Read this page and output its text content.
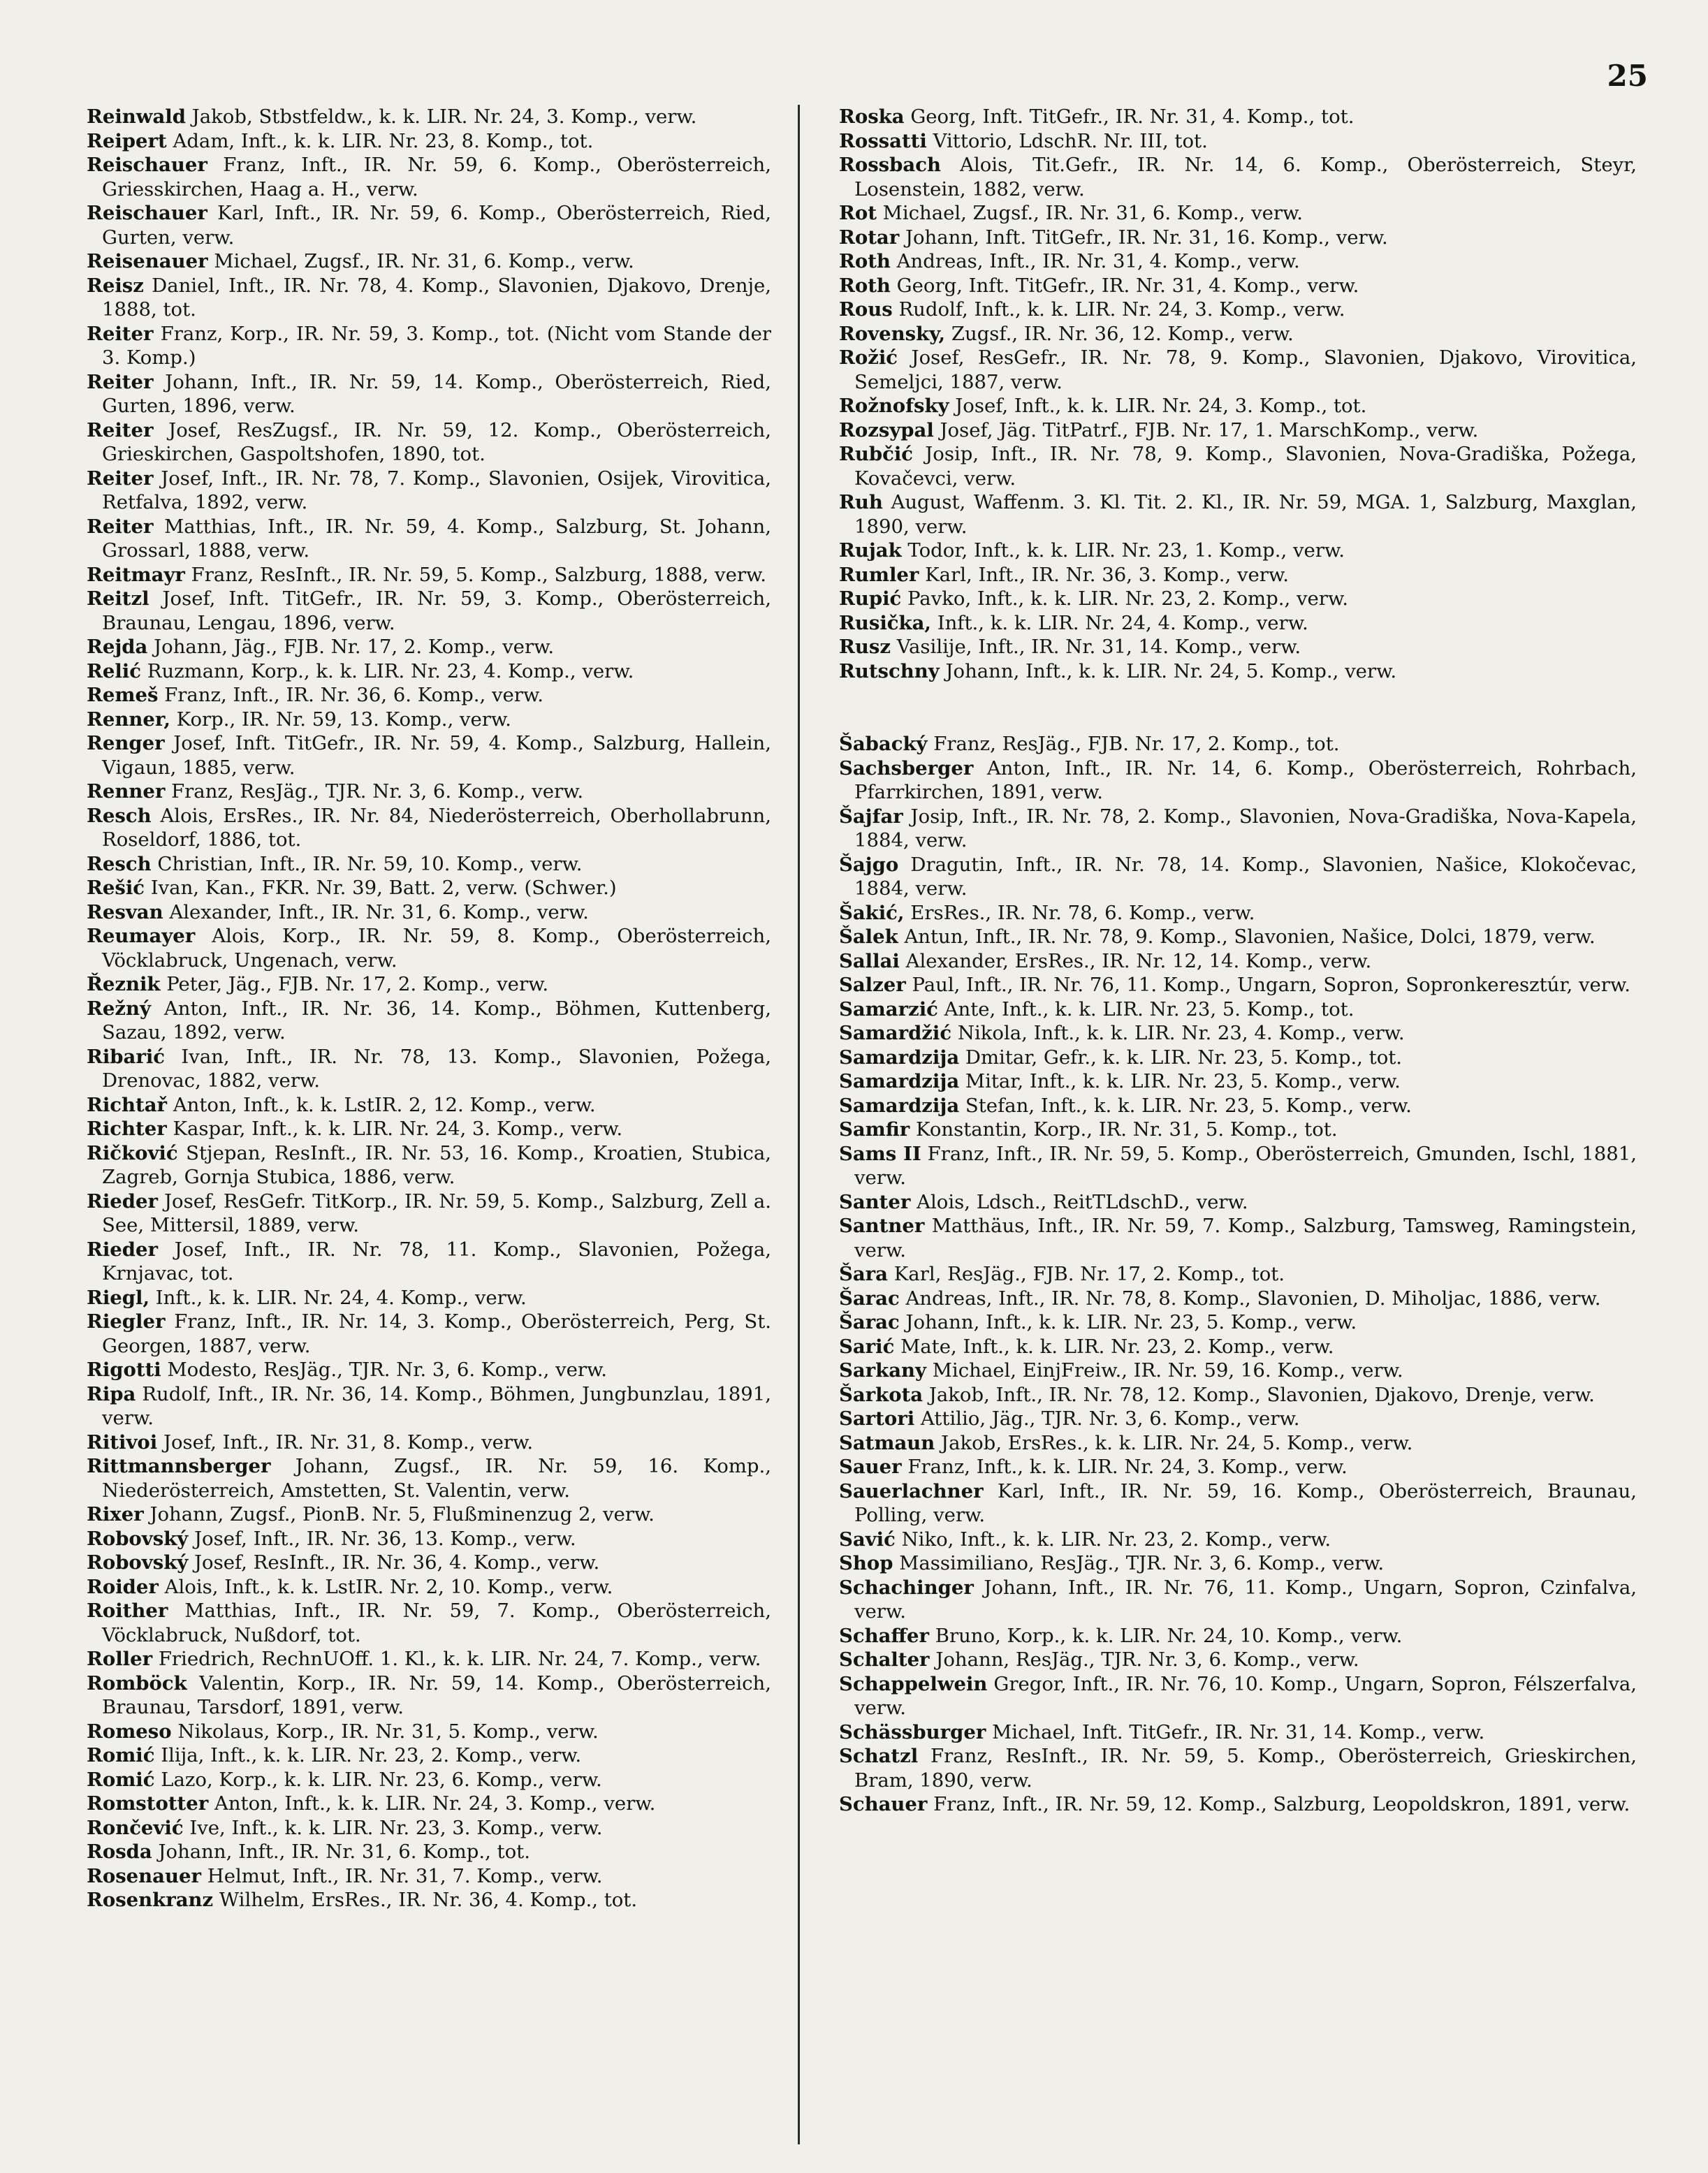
25

Reinwald Jakob, Stbstfeldw., k. k. LIR. Nr. 24, 3. Komp., verw.

Reipert Adam, Inft., k. k. LIR. Nr. 23, 8. Komp., tot.

Reischauer Franz, Inft., IR. Nr. 59, 6. Komp., Oberösterreich, Griesskirchen, Haag a. H., verw.

Reischauer Karl, Inft., IR. Nr. 59, 6. Komp., Oberösterreich, Ried, Gurten, verw.

Reisenauer Michael, Zugsf., IR. Nr. 31, 6. Komp., verw.

Reisz Daniel, Inft., IR. Nr. 78, 4. Komp., Slavonien, Djakovo, Drenje, 1888, tot.

Reiter Franz, Korp., IR. Nr. 59, 3. Komp., tot. (Nicht vom Stande der 3. Komp.)

Reiter Johann, Inft., IR. Nr. 59, 14. Komp., Oberösterreich, Ried, Gurten, 1896, verw.

Reiter Josef, ResZugsf., IR. Nr. 59, 12. Komp., Oberösterreich, Grieskirchen, Gaspoltshofen, 1890, tot.

Reiter Josef, Inft., IR. Nr. 78, 7. Komp., Slavonien, Osijek, Virovitica, Retfalva, 1892, verw.

Reiter Matthias, Inft., IR. Nr. 59, 4. Komp., Salzburg, St. Johann, Grossarl, 1888, verw.

Reitmayr Franz, ResInft., IR. Nr. 59, 5. Komp., Salzburg, 1888, verw.

Reitzl Josef, Inft. TitGefr., IR. Nr. 59, 3. Komp., Oberösterreich, Braunau, Lengau, 1896, verw.

Rejda Johann, Jäg., FJB. Nr. 17, 2. Komp., verw.

Relić Ruzmann, Korp., k. k. LIR. Nr. 23, 4. Komp., verw.

Remeš Franz, Inft., IR. Nr. 36, 6. Komp., verw.

Renner, Korp., IR. Nr. 59, 13. Komp., verw.

Renger Josef, Inft. TitGefr., IR. Nr. 59, 4. Komp., Salzburg, Hallein, Vigaun, 1885, verw.

Renner Franz, ResJäg., TJR. Nr. 3, 6. Komp., verw.

Resch Alois, ErsRes., IR. Nr. 84, Niederösterreich, Oberhollabrunn, Roseldorf, 1886, tot.

Resch Christian, Inft., IR. Nr. 59, 10. Komp., verw.

Rešić Ivan, Kan., FKR. Nr. 39, Batt. 2, verw. (Schwer.)

Resvan Alexander, Inft., IR. Nr. 31, 6. Komp., verw.

Reumayer Alois, Korp., IR. Nr. 59, 8. Komp., Oberösterreich, Vöcklabruck, Ungenach, verw.

Řeznik Peter, Jäg., FJB. Nr. 17, 2. Komp., verw.

Režný Anton, Inft., IR. Nr. 36, 14. Komp., Böhmen, Kuttenberg, Sazau, 1892, verw.

Ribarić Ivan, Inft., IR. Nr. 78, 13. Komp., Slavonien, Požega, Drenovac, 1882, verw.

Richtař Anton, Inft., k. k. LstIR. 2, 12. Komp., verw.

Richter Kaspar, Inft., k. k. LIR. Nr. 24, 3. Komp., verw.

Ričković Stjepan, ResInft., IR. Nr. 53, 16. Komp., Kroatien, Stubica, Zagreb, Gornja Stubica, 1886, verw.

Rieder Josef, ResGefr. TitKorp., IR. Nr. 59, 5. Komp., Salzburg, Zell a. See, Mittersil, 1889, verw.

Rieder Josef, Inft., IR. Nr. 78, 11. Komp., Slavonien, Požega, Krnjavac, tot.

Riegl, Inft., k. k. LIR. Nr. 24, 4. Komp., verw.

Riegler Franz, Inft., IR. Nr. 14, 3. Komp., Oberösterreich, Perg, St. Georgen, 1887, verw.

Rigotti Modesto, ResJäg., TJR. Nr. 3, 6. Komp., verw.

Ripa Rudolf, Inft., IR. Nr. 36, 14. Komp., Böhmen, Jungbunzlau, 1891, verw.

Ritivoi Josef, Inft., IR. Nr. 31, 8. Komp., verw.

Rittmannsberger Johann, Zugsf., IR. Nr. 59, 16. Komp., Niederösterreich, Amstetten, St. Valentin, verw.

Rixer Johann, Zugsf., PionB. Nr. 5, Flußminenzug 2, verw.

Robovský Josef, Inft., IR. Nr. 36, 13. Komp., verw.

Robovský Josef, ResInft., IR. Nr. 36, 4. Komp., verw.

Roider Alois, Inft., k. k. LstIR. Nr. 2, 10. Komp., verw.

Roither Matthias, Inft., IR. Nr. 59, 7. Komp., Oberösterreich, Vöcklabruck, Nußdorf, tot.

Roller Friedrich, RechnUOff. 1. Kl., k. k. LIR. Nr. 24, 7. Komp., verw.

Romböck Valentin, Korp., IR. Nr. 59, 14. Komp., Oberösterreich, Braunau, Tarsdorf, 1891, verw.

Romeso Nikolaus, Korp., IR. Nr. 31, 5. Komp., verw.

Romić Ilija, Inft., k. k. LIR. Nr. 23, 2. Komp., verw.

Romić Lazo, Korp., k. k. LIR. Nr. 23, 6. Komp., verw.

Romstotter Anton, Inft., k. k. LIR. Nr. 24, 3. Komp., verw.

Rončević Ive, Inft., k. k. LIR. Nr. 23, 3. Komp., verw.

Rosda Johann, Inft., IR. Nr. 31, 6. Komp., tot.

Rosenauer Helmut, Inft., IR. Nr. 31, 7. Komp., verw.

Rosenkranz Wilhelm, ErsRes., IR. Nr. 36, 4. Komp., tot.

Roska Georg, Inft. TitGefr., IR. Nr. 31, 4. Komp., tot.

Rossatti Vittorio, LdschR. Nr. III, tot.

Rossbach Alois, Tit.Gefr., IR. Nr. 14, 6. Komp., Oberösterreich, Steyr, Losenstein, 1882, verw.

Rot Michael, Zugsf., IR. Nr. 31, 6. Komp., verw.

Rotar Johann, Inft. TitGefr., IR. Nr. 31, 16. Komp., verw.

Roth Andreas, Inft., IR. Nr. 31, 4. Komp., verw.

Roth Georg, Inft. TitGefr., IR. Nr. 31, 4. Komp., verw.

Rous Rudolf, Inft., k. k. LIR. Nr. 24, 3. Komp., verw.

Rovensky, Zugsf., IR. Nr. 36, 12. Komp., verw.

Rožić Josef, ResGefr., IR. Nr. 78, 9. Komp., Slavonien, Djakovo, Virovitica, Semeljci, 1887, verw.

Rožnofsky Josef, Inft., k. k. LIR. Nr. 24, 3. Komp., tot.

Rozsypal Josef, Jäg. TitPatrf., FJB. Nr. 17, 1. MarschKomp., verw.

Rubčić Josip, Inft., IR. Nr. 78, 9. Komp., Slavonien, Nova-Gradiška, Požega, Kovačevci, verw.

Ruh August, Waffenm. 3. Kl. Tit. 2. Kl., IR. Nr. 59, MGA. 1, Salzburg, Maxglan, 1890, verw.

Rujak Todor, Inft., k. k. LIR. Nr. 23, 1. Komp., verw.

Rumler Karl, Inft., IR. Nr. 36, 3. Komp., verw.

Rupić Pavko, Inft., k. k. LIR. Nr. 23, 2. Komp., verw.

Rusička, Inft., k. k. LIR. Nr. 24, 4. Komp., verw.

Rusz Vasilije, Inft., IR. Nr. 31, 14. Komp., verw.

Rutschny Johann, Inft., k. k. LIR. Nr. 24, 5. Komp., verw.

Šabacký Franz, ResJäg., FJB. Nr. 17, 2. Komp., tot.

Sachsberger Anton, Inft., IR. Nr. 14, 6. Komp., Oberösterreich, Rohrbach, Pfarrkirchen, 1891, verw.

Šajfar Josip, Inft., IR. Nr. 78, 2. Komp., Slavonien, Nova-Gradiška, Nova-Kapela, 1884, verw.

Šajgo Dragutin, Inft., IR. Nr. 78, 14. Komp., Slavonien, Našice, Klokočevac, 1884, verw.

Šakić, ErsRes., IR. Nr. 78, 6. Komp., verw.

Šalek Antun, Inft., IR. Nr. 78, 9. Komp., Slavonien, Našice, Dolci, 1879, verw.

Sallai Alexander, ErsRes., IR. Nr. 12, 14. Komp., verw.

Salzer Paul, Inft., IR. Nr. 76, 11. Komp., Ungarn, Sopron, Sopronkeresztúr, verw.

Samarzić Ante, Inft., k. k. LIR. Nr. 23, 5. Komp., tot.

Samardžić Nikola, Inft., k. k. LIR. Nr. 23, 4. Komp., verw.

Samardzija Dmitar, Gefr., k. k. LIR. Nr. 23, 5. Komp., tot.

Samardzija Mitar, Inft., k. k. LIR. Nr. 23, 5. Komp., verw.

Samardzija Stefan, Inft., k. k. LIR. Nr. 23, 5. Komp., verw.

Samfir Konstantin, Korp., IR. Nr. 31, 5. Komp., tot.

Sams II Franz, Inft., IR. Nr. 59, 5. Komp., Oberösterreich, Gmunden, Ischl, 1881, verw.

Santer Alois, Ldsch., ReitTLdschD., verw.

Santner Matthäus, Inft., IR. Nr. 59, 7. Komp., Salzburg, Tamsweg, Ramingstein, verw.

Šara Karl, ResJäg., FJB. Nr. 17, 2. Komp., tot.

Šarac Andreas, Inft., IR. Nr. 78, 8. Komp., Slavonien, D. Miholjac, 1886, verw.

Šarac Johann, Inft., k. k. LIR. Nr. 23, 5. Komp., verw.

Sarić Mate, Inft., k. k. LIR. Nr. 23, 2. Komp., verw.

Sarkany Michael, EinjFreiw., IR. Nr. 59, 16. Komp., verw.

Šarkota Jakob, Inft., IR. Nr. 78, 12. Komp., Slavonien, Djakovo, Drenje, verw.

Sartori Attilio, Jäg., TJR. Nr. 3, 6. Komp., verw.

Satmaun Jakob, ErsRes., k. k. LIR. Nr. 24, 5. Komp., verw.

Sauer Franz, Inft., k. k. LIR. Nr. 24, 3. Komp., verw.

Sauerlachner Karl, Inft., IR. Nr. 59, 16. Komp., Oberösterreich, Braunau, Polling, verw.

Savić Niko, Inft., k. k. LIR. Nr. 23, 2. Komp., verw.

Shop Massimiliano, ResJäg., TJR. Nr. 3, 6. Komp., verw.

Schachinger Johann, Inft., IR. Nr. 76, 11. Komp., Ungarn, Sopron, Czinfalva, verw.

Schaffer Bruno, Korp., k. k. LIR. Nr. 24, 10. Komp., verw.

Schalter Johann, ResJäg., TJR. Nr. 3, 6. Komp., verw.

Schappelwein Gregor, Inft., IR. Nr. 76, 10. Komp., Ungarn, Sopron, Félszerfalva, verw.

Schässburger Michael, Inft. TitGefr., IR. Nr. 31, 14. Komp., verw.

Schatzl Franz, ResInft., IR. Nr. 59, 5. Komp., Oberösterreich, Grieskirchen, Bram, 1890, verw.

Schauer Franz, Inft., IR. Nr. 59, 12. Komp., Salzburg, Leopoldskron, 1891, verw.
